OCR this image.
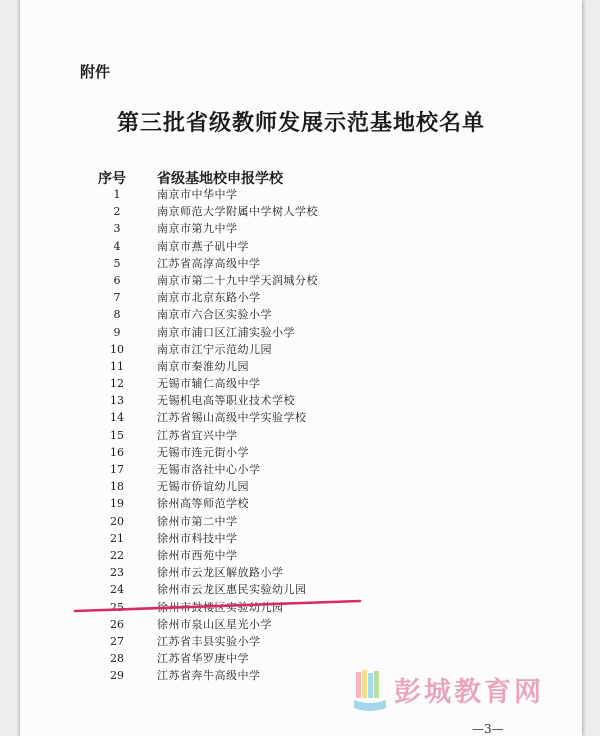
附件
第三批省级教师发展示范基地校名单
序号 省级基地校申报学校
1	南京市中华中学
2	南京师范大学附属中学树人学校
3	南京市第九中学
4	南京市燕子矶中学
5	江苏省高淳高级中学
6	南京市第二十九中学天润城分校
7	南京市北京东路小学
8	南京市六合区实验小学
9	南京市浦口区江浦实验小学
10	南京市江宁示范幼儿园
11	南京市秦淮幼儿园
12	无锡市辅仁高级中学
13	无锡机电高等职业技术学校
14	江苏省锡山高级中学实验学校
15	江苏省宜兴中学
16	无锡市连元街小学
17	无锡市洛社中心小学
18	无锡市侨谊幼儿园
19	徐州高等师范学校
20	徐州市第二中学
21	徐州市科技中学
22	徐州市西苑中学
23	徐州市云龙区解放路小学
24	徐州市云龙区惠民实验幼儿园
25	徐州市鼓楼区实验幼儿园
26	徐州市泉山区星光小学
27	江苏省丰县实验小学
28	江苏省华罗庚中学
29	江苏省奔牛高级中学
—3—
彭城教育网
